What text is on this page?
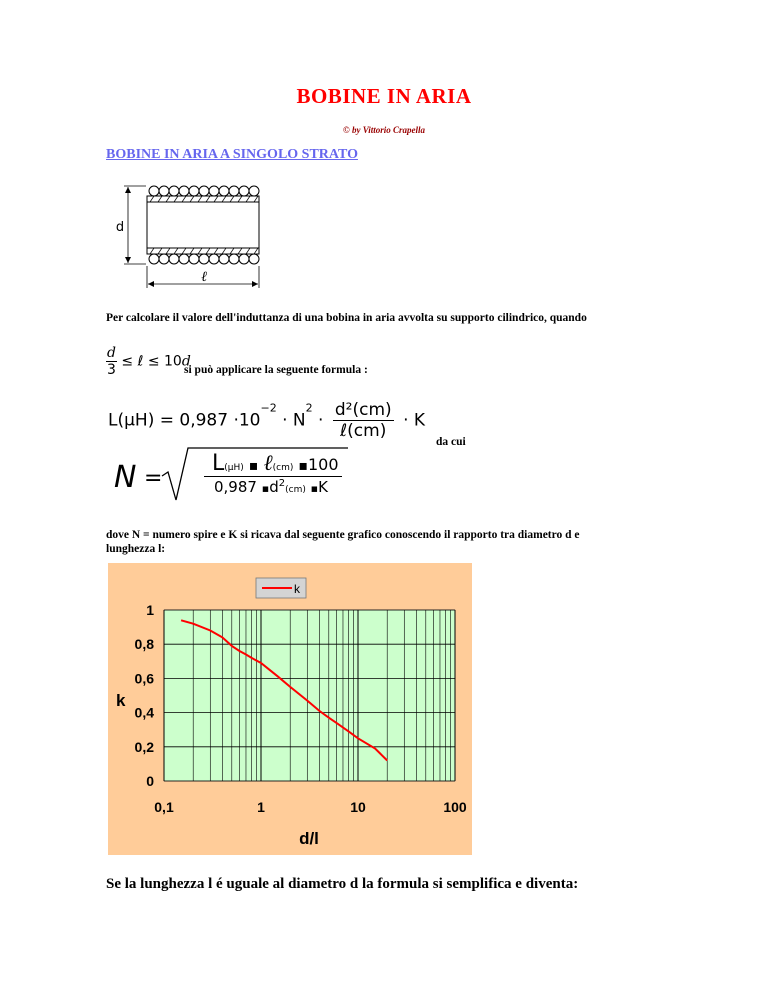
BOBINE IN ARIA
© by Vittorio Crapella
BOBINE IN ARIA A SINGOLO STRATO
d
ℓ
Per calcolare il valore dell'induttanza di una bobina in aria avvolta su supporto cilindrico, quando
$\frac{d}{3}$ ≤ ℓ ≤ 10d
si può applicare la seguente formula :
$L(\mu H) = 0,987 \cdot 10^{-2} \cdot N^2$ ·
d²(cm)
ℓ(cm)
· K
da cui
N =
L(μH) ▪ ℓ(cm) ▪100
0,987 $▪d^2(cm)$ ▪K
dove N = numero spire e K si ricava dal seguente grafico conoscendo il rapporto tra diametro d e lunghezza l:
0
0,2
0,4
0,6
0,8
1
0,1	1	10	100
k
k
d/l
Se la lunghezza l é uguale al diametro d la formula si semplifica e diventa:
